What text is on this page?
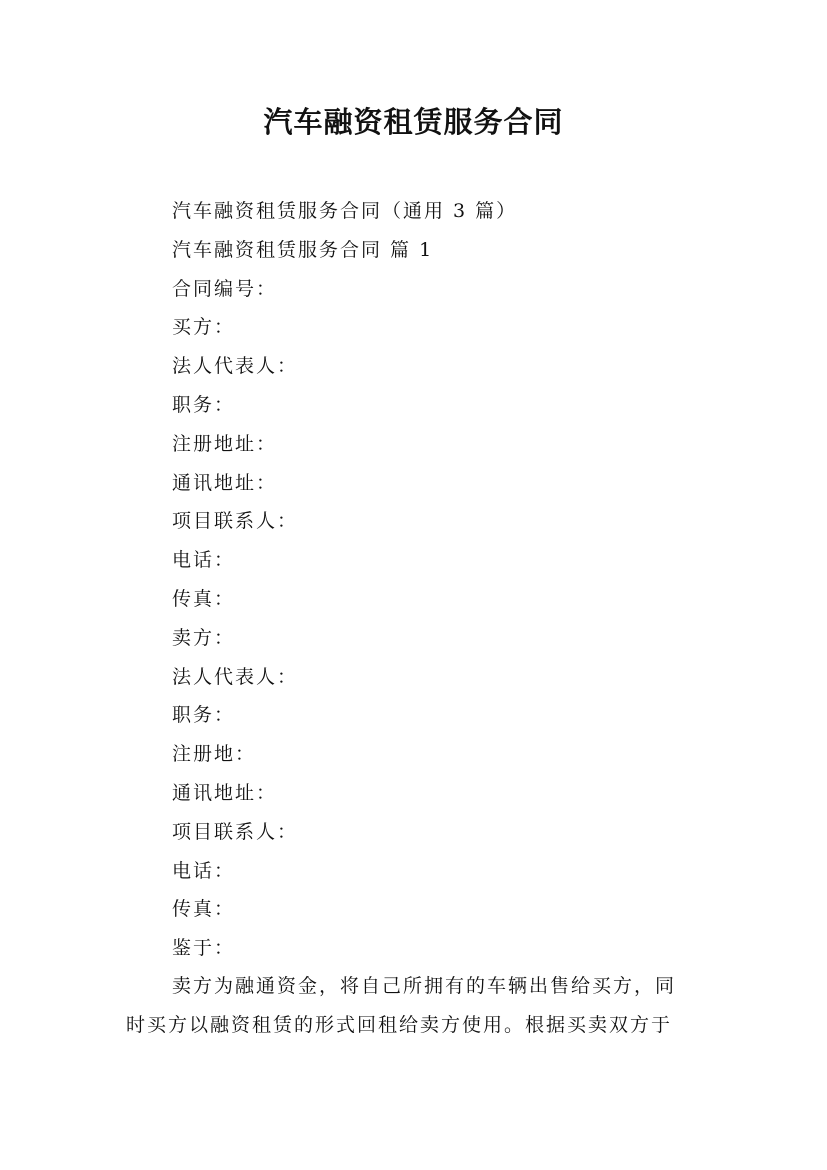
汽车融资租赁服务合同
汽车融资租赁服务合同（通用 3 篇）
汽车融资租赁服务合同 篇 1
合同编号：
买方：
法人代表人：
职务：
注册地址：
通讯地址：
项目联系人：
电话：
传真：
卖方：
法人代表人：
职务：
注册地：
通讯地址：
项目联系人：
电话：
传真：
鉴于：
卖方为融通资金，将自己所拥有的车辆出售给买方，同
时买方以融资租赁的形式回租给卖方使用。根据买卖双方于
